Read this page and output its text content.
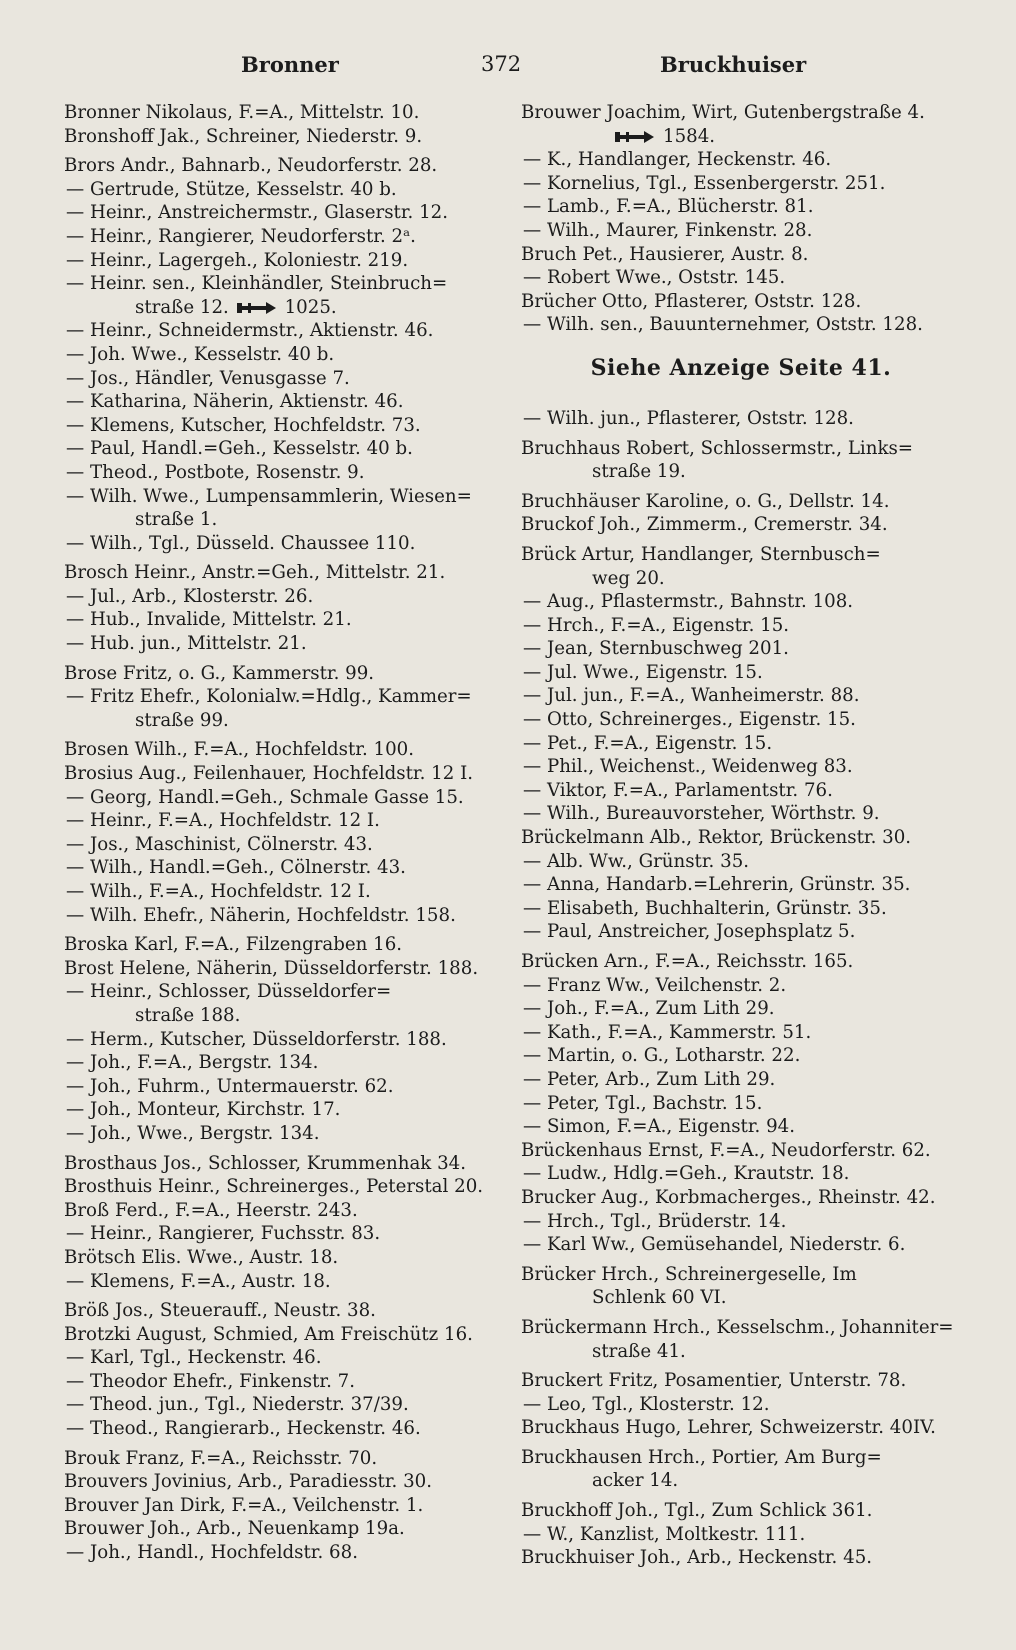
Bronner	372	Bruckhuiser
Bronner Nikolaus, F.=A., Mittelstr. 10.
Bronshoff Jak., Schreiner, Niederstr. 9.
Brors Andr., Bahnarb., Neudorferstr. 28.
— Gertrude, Stütze, Kesselstr. 40 b.
— Heinr., Anstreichermstr., Glaserstr. 12.
— Heinr., Rangierer, Neudorferstr. 2ᵃ.
— Heinr., Lagergeh., Koloniestr. 219.
— Heinr. sen., Kleinhändler, Steinbruch=
straße 12.	1025.
— Heinr., Schneidermstr., Aktienstr. 46.
— Joh. Wwe., Kesselstr. 40 b.
— Jos., Händler, Venusgasse 7.
— Katharina, Näherin, Aktienstr. 46.
— Klemens, Kutscher, Hochfeldstr. 73.
— Paul, Handl.=Geh., Kesselstr. 40 b.
— Theod., Postbote, Rosenstr. 9.
— Wilh. Wwe., Lumpensammlerin, Wiesen=
straße 1.
— Wilh., Tgl., Düsseld. Chaussee 110.
Brosch Heinr., Anstr.=Geh., Mittelstr. 21.
— Jul., Arb., Klosterstr. 26.
— Hub., Invalide, Mittelstr. 21.
— Hub. jun., Mittelstr. 21.
Brose Fritz, o. G., Kammerstr. 99.
— Fritz Ehefr., Kolonialw.=Hdlg., Kammer=
straße 99.
Brosen Wilh., F.=A., Hochfeldstr. 100.
Brosius Aug., Feilenhauer, Hochfeldstr. 12 I.
— Georg, Handl.=Geh., Schmale Gasse 15.
— Heinr., F.=A., Hochfeldstr. 12 I.
— Jos., Maschinist, Cölnerstr. 43.
— Wilh., Handl.=Geh., Cölnerstr. 43.
— Wilh., F.=A., Hochfeldstr. 12 I.
— Wilh. Ehefr., Näherin, Hochfeldstr. 158.
Broska Karl, F.=A., Filzengraben 16.
Brost Helene, Näherin, Düsseldorferstr. 188.
— Heinr., Schlosser, Düsseldorfer=
straße 188.
— Herm., Kutscher, Düsseldorferstr. 188.
— Joh., F.=A., Bergstr. 134.
— Joh., Fuhrm., Untermauerstr. 62.
— Joh., Monteur, Kirchstr. 17.
— Joh., Wwe., Bergstr. 134.
Brosthaus Jos., Schlosser, Krummenhak 34.
Brosthuis Heinr., Schreinerges., Peterstal 20.
Broß Ferd., F.=A., Heerstr. 243.
— Heinr., Rangierer, Fuchsstr. 83.
Brötsch Elis. Wwe., Austr. 18.
— Klemens, F.=A., Austr. 18.
Bröß Jos., Steuerauff., Neustr. 38.
Brotzki August, Schmied, Am Freischütz 16.
— Karl, Tgl., Heckenstr. 46.
— Theodor Ehefr., Finkenstr. 7.
— Theod. jun., Tgl., Niederstr. 37/39.
— Theod., Rangierarb., Heckenstr. 46.
Brouk Franz, F.=A., Reichsstr. 70.
Brouvers Jovinius, Arb., Paradiesstr. 30.
Brouver Jan Dirk, F.=A., Veilchenstr. 1.
Brouwer Joh., Arb., Neuenkamp 19a.
— Joh., Handl., Hochfeldstr. 68.
Brouwer Joachim, Wirt, Gutenbergstraße 4.
1584.
— K., Handlanger, Heckenstr. 46.
— Kornelius, Tgl., Essenbergerstr. 251.
— Lamb., F.=A., Blücherstr. 81.
— Wilh., Maurer, Finkenstr. 28.
Bruch Pet., Hausierer, Austr. 8.
— Robert Wwe., Oststr. 145.
Brücher Otto, Pflasterer, Oststr. 128.
— Wilh. sen., Bauunternehmer, Oststr. 128.
Siehe Anzeige Seite 41.
— Wilh. jun., Pflasterer, Oststr. 128.
Bruchhaus Robert, Schlossermstr., Links=
straße 19.
Bruchhäuser Karoline, o. G., Dellstr. 14.
Bruckof Joh., Zimmerm., Cremerstr. 34.
Brück Artur, Handlanger, Sternbusch=
weg 20.
— Aug., Pflastermstr., Bahnstr. 108.
— Hrch., F.=A., Eigenstr. 15.
— Jean, Sternbuschweg 201.
— Jul. Wwe., Eigenstr. 15.
— Jul. jun., F.=A., Wanheimerstr. 88.
— Otto, Schreinerges., Eigenstr. 15.
— Pet., F.=A., Eigenstr. 15.
— Phil., Weichenst., Weidenweg 83.
— Viktor, F.=A., Parlamentstr. 76.
— Wilh., Bureauvorsteher, Wörthstr. 9.
Brückelmann Alb., Rektor, Brückenstr. 30.
— Alb. Ww., Grünstr. 35.
— Anna, Handarb.=Lehrerin, Grünstr. 35.
— Elisabeth, Buchhalterin, Grünstr. 35.
— Paul, Anstreicher, Josephsplatz 5.
Brücken Arn., F.=A., Reichsstr. 165.
— Franz Ww., Veilchenstr. 2.
— Joh., F.=A., Zum Lith 29.
— Kath., F.=A., Kammerstr. 51.
— Martin, o. G., Lotharstr. 22.
— Peter, Arb., Zum Lith 29.
— Peter, Tgl., Bachstr. 15.
— Simon, F.=A., Eigenstr. 94.
Brückenhaus Ernst, F.=A., Neudorferstr. 62.
— Ludw., Hdlg.=Geh., Krautstr. 18.
Brucker Aug., Korbmacherges., Rheinstr. 42.
— Hrch., Tgl., Brüderstr. 14.
— Karl Ww., Gemüsehandel, Niederstr. 6.
Brücker Hrch., Schreinergeselle, Im
Schlenk 60 VI.
Brückermann Hrch., Kesselschm., Johanniter=
straße 41.
Bruckert Fritz, Posamentier, Unterstr. 78.
— Leo, Tgl., Klosterstr. 12.
Bruckhaus Hugo, Lehrer, Schweizerstr. 40IV.
Bruckhausen Hrch., Portier, Am Burg=
acker 14.
Bruckhoff Joh., Tgl., Zum Schlick 361.
— W., Kanzlist, Moltkestr. 111.
Bruckhuiser Joh., Arb., Heckenstr. 45.
